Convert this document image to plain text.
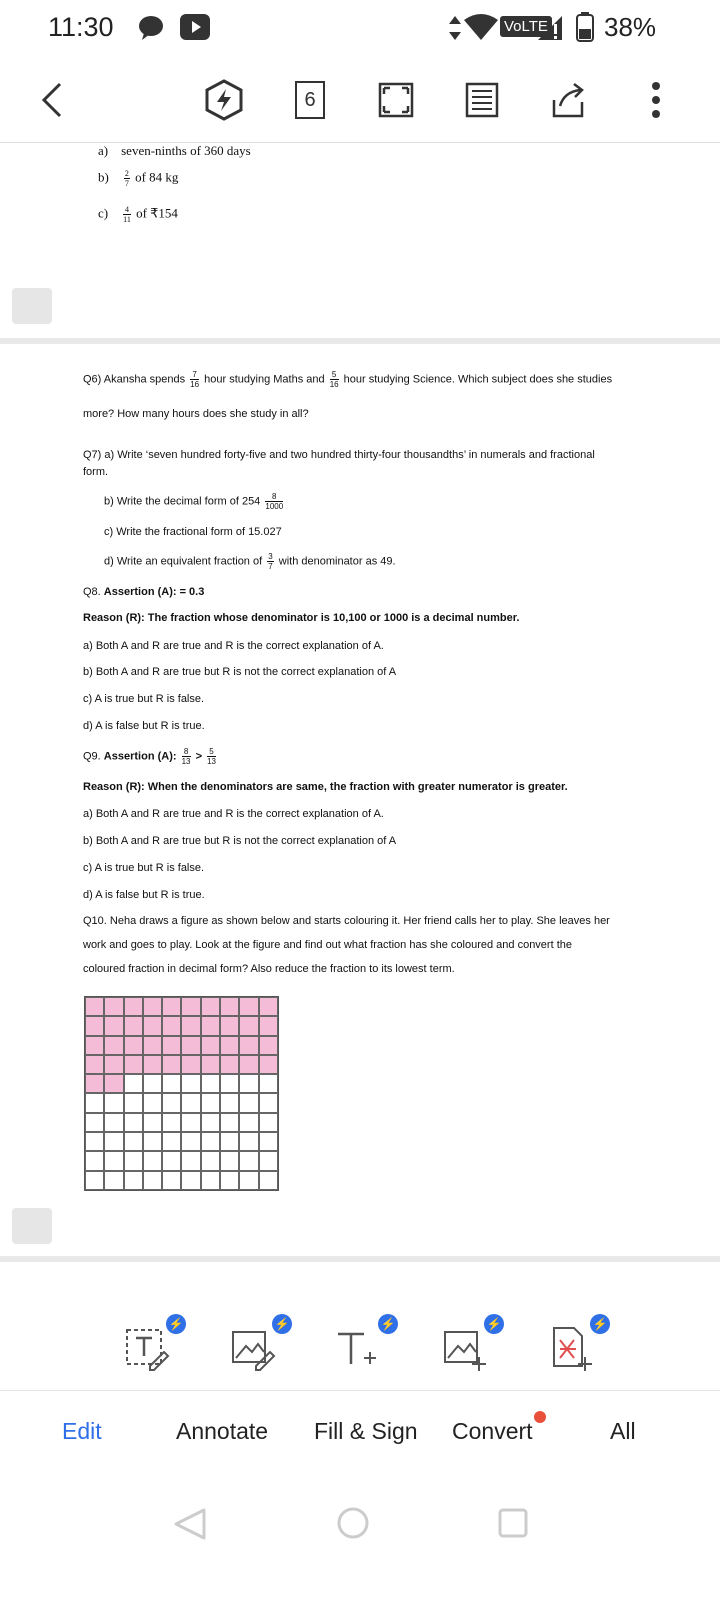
11:30	VoLTE 38%
6
a) seven-ninths of 360 days
$b) \frac{2}{7}$ of 84 kg
$c) \frac{4}{11}$ of ₹154
Q6) Akansha spends $\frac{7}{16}$ hour studying Maths and $\frac{5}{16}$ hour studying Science. Which subject does she studies
more? How many hours does she study in all?
Q7) a) Write ‘seven hundred forty-five and two hundred thirty-four thousandths’ in numerals and fractional
form.
b) Write the decimal form of $254 \frac{8}{1000}$
c) Write the fractional form of 15.027
d) Write an equivalent fraction of $\frac{3}{7}$ with denominator as 49.
Q8. Assertion (A): = 0.3
Reason (R): The fraction whose denominator is 10,100 or 1000 is a decimal number.
a) Both A and R are true and R is the correct explanation of A.
b) Both A and R are true but R is not the correct explanation of A
c) A is true but R is false.
d) A is false but R is true.
Q9. Assertion (A): $\frac{8}{13} > \frac{5}{13}$
Reason (R): When the denominators are same, the fraction with greater numerator is greater.
a) Both A and R are true and R is the correct explanation of A.
b) Both A and R are true but R is not the correct explanation of A
c) A is true but R is false.
d) A is false but R is true.
Q10. Neha draws a figure as shown below and starts colouring it. Her friend calls her to play. She leaves her
work and goes to play. Look at the figure and find out what fraction has she coloured and convert the
coloured fraction in decimal form? Also reduce the fraction to its lowest term.
⚡	⚡	⚡	⚡	⚡
Edit	Annotate Fill & Sign Convert	All
